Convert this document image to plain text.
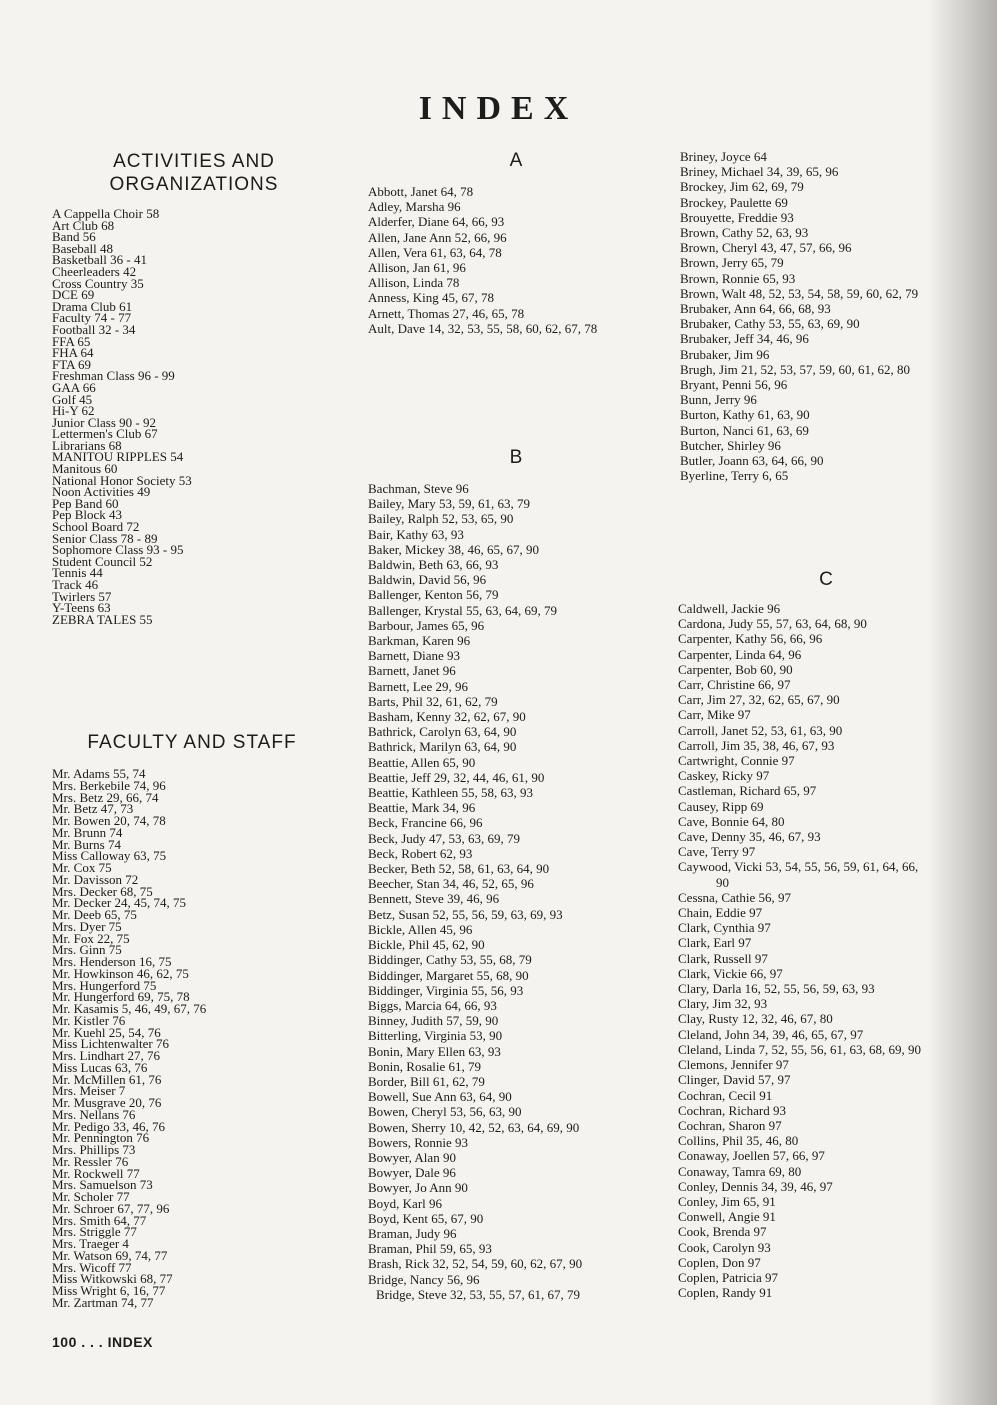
INDEX
ACTIVITIES AND
ORGANIZATIONS
A Cappella Choir 58
Art Club 68
Band 56
Baseball 48
Basketball 36 - 41
Cheerleaders 42
Cross Country 35
DCE 69
Drama Club 61
Faculty 74 - 77
Football 32 - 34
FFA 65
FHA 64
FTA 69
Freshman Class 96 - 99
GAA 66
Golf 45
Hi-Y 62
Junior Class 90 - 92
Lettermen's Club 67
Librarians 68
MANITOU RIPPLES 54
Manitous 60
National Honor Society 53
Noon Activities 49
Pep Band 60
Pep Block 43
School Board 72
Senior Class 78 - 89
Sophomore Class 93 - 95
Student Council 52
Tennis 44
Track 46
Twirlers 57
Y-Teens 63
ZEBRA TALES 55
FACULTY AND STAFF
Mr. Adams 55, 74
Mrs. Berkebile 74, 96
Mrs. Betz 29, 66, 74
Mr. Betz 47, 73
Mr. Bowen 20, 74, 78
Mr. Brunn 74
Mr. Burns 74
Miss Calloway 63, 75
Mr. Cox 75
Mr. Davisson 72
Mrs. Decker 68, 75
Mr. Decker 24, 45, 74, 75
Mr. Deeb 65, 75
Mrs. Dyer 75
Mr. Fox 22, 75
Mrs. Ginn 75
Mrs. Henderson 16, 75
Mr. Howkinson 46, 62, 75
Mrs. Hungerford 75
Mr. Hungerford 69, 75, 78
Mr. Kasamis 5, 46, 49, 67, 76
Mr. Kistler 76
Mr. Kuehl 25, 54, 76
Miss Lichtenwalter 76
Mrs. Lindhart 27, 76
Miss Lucas 63, 76
Mr. McMillen 61, 76
Mrs. Meiser 7
Mr. Musgrave 20, 76
Mrs. Nellans 76
Mr. Pedigo 33, 46, 76
Mr. Pennington 76
Mrs. Phillips 73
Mr. Ressler 76
Mr. Rockwell 77
Mrs. Samuelson 73
Mr. Scholer 77
Mr. Schroer 67, 77, 96
Mrs. Smith 64, 77
Mrs. Striggle 77
Mrs. Traeger 4
Mr. Watson 69, 74, 77
Mrs. Wicoff 77
Miss Witkowski 68, 77
Miss Wright 6, 16, 77
Mr. Zartman 74, 77
A
Abbott, Janet 64, 78
Adley, Marsha 96
Alderfer, Diane 64, 66, 93
Allen, Jane Ann 52, 66, 96
Allen, Vera 61, 63, 64, 78
Allison, Jan 61, 96
Allison, Linda 78
Anness, King 45, 67, 78
Arnett, Thomas 27, 46, 65, 78
Ault, Dave 14, 32, 53, 55, 58, 60, 62, 67, 78
B
Bachman, Steve 96
Bailey, Mary 53, 59, 61, 63, 79
Bailey, Ralph 52, 53, 65, 90
Bair, Kathy 63, 93
Baker, Mickey 38, 46, 65, 67, 90
Baldwin, Beth 63, 66, 93
Baldwin, David 56, 96
Ballenger, Kenton 56, 79
Ballenger, Krystal 55, 63, 64, 69, 79
Barbour, James 65, 96
Barkman, Karen 96
Barnett, Diane 93
Barnett, Janet 96
Barnett, Lee 29, 96
Barts, Phil 32, 61, 62, 79
Basham, Kenny 32, 62, 67, 90
Bathrick, Carolyn 63, 64, 90
Bathrick, Marilyn 63, 64, 90
Beattie, Allen 65, 90
Beattie, Jeff 29, 32, 44, 46, 61, 90
Beattie, Kathleen 55, 58, 63, 93
Beattie, Mark 34, 96
Beck, Francine 66, 96
Beck, Judy 47, 53, 63, 69, 79
Beck, Robert 62, 93
Becker, Beth 52, 58, 61, 63, 64, 90
Beecher, Stan 34, 46, 52, 65, 96
Bennett, Steve 39, 46, 96
Betz, Susan 52, 55, 56, 59, 63, 69, 93
Bickle, Allen 45, 96
Bickle, Phil 45, 62, 90
Biddinger, Cathy 53, 55, 68, 79
Biddinger, Margaret 55, 68, 90
Biddinger, Virginia 55, 56, 93
Biggs, Marcia 64, 66, 93
Binney, Judith 57, 59, 90
Bitterling, Virginia 53, 90
Bonin, Mary Ellen 63, 93
Bonin, Rosalie 61, 79
Border, Bill 61, 62, 79
Bowell, Sue Ann 63, 64, 90
Bowen, Cheryl 53, 56, 63, 90
Bowen, Sherry 10, 42, 52, 63, 64, 69, 90
Bowers, Ronnie 93
Bowyer, Alan 90
Bowyer, Dale 96
Bowyer, Jo Ann 90
Boyd, Karl 96
Boyd, Kent 65, 67, 90
Braman, Judy 96
Braman, Phil 59, 65, 93
Brash, Rick 32, 52, 54, 59, 60, 62, 67, 90
Bridge, Nancy 56, 96
Bridge, Steve 32, 53, 55, 57, 61, 67, 79
Briney, Joyce 64
Briney, Michael 34, 39, 65, 96
Brockey, Jim 62, 69, 79
Brockey, Paulette 69
Brouyette, Freddie 93
Brown, Cathy 52, 63, 93
Brown, Cheryl 43, 47, 57, 66, 96
Brown, Jerry 65, 79
Brown, Ronnie 65, 93
Brown, Walt 48, 52, 53, 54, 58, 59, 60, 62, 79
Brubaker, Ann 64, 66, 68, 93
Brubaker, Cathy 53, 55, 63, 69, 90
Brubaker, Jeff 34, 46, 96
Brubaker, Jim 96
Brugh, Jim 21, 52, 53, 57, 59, 60, 61, 62, 80
Bryant, Penni 56, 96
Bunn, Jerry 96
Burton, Kathy 61, 63, 90
Burton, Nanci 61, 63, 69
Butcher, Shirley 96
Butler, Joann 63, 64, 66, 90
Byerline, Terry 6, 65
C
Caldwell, Jackie 96
Cardona, Judy 55, 57, 63, 64, 68, 90
Carpenter, Kathy 56, 66, 96
Carpenter, Linda 64, 96
Carpenter, Bob 60, 90
Carr, Christine 66, 97
Carr, Jim 27, 32, 62, 65, 67, 90
Carr, Mike 97
Carroll, Janet 52, 53, 61, 63, 90
Carroll, Jim 35, 38, 46, 67, 93
Cartwright, Connie 97
Caskey, Ricky 97
Castleman, Richard 65, 97
Causey, Ripp 69
Cave, Bonnie 64, 80
Cave, Denny 35, 46, 67, 93
Cave, Terry 97
Caywood, Vicki 53, 54, 55, 56, 59, 61, 64, 66,
90
Cessna, Cathie 56, 97
Chain, Eddie 97
Clark, Cynthia 97
Clark, Earl 97
Clark, Russell 97
Clark, Vickie 66, 97
Clary, Darla 16, 52, 55, 56, 59, 63, 93
Clary, Jim 32, 93
Clay, Rusty 12, 32, 46, 67, 80
Cleland, John 34, 39, 46, 65, 67, 97
Cleland, Linda 7, 52, 55, 56, 61, 63, 68, 69, 90
Clemons, Jennifer 97
Clinger, David 57, 97
Cochran, Cecil 91
Cochran, Richard 93
Cochran, Sharon 97
Collins, Phil 35, 46, 80
Conaway, Joellen 57, 66, 97
Conaway, Tamra 69, 80
Conley, Dennis 34, 39, 46, 97
Conley, Jim 65, 91
Conwell, Angie 91
Cook, Brenda 97
Cook, Carolyn 93
Coplen, Don 97
Coplen, Patricia 97
Coplen, Randy 91
100 . . . INDEX
